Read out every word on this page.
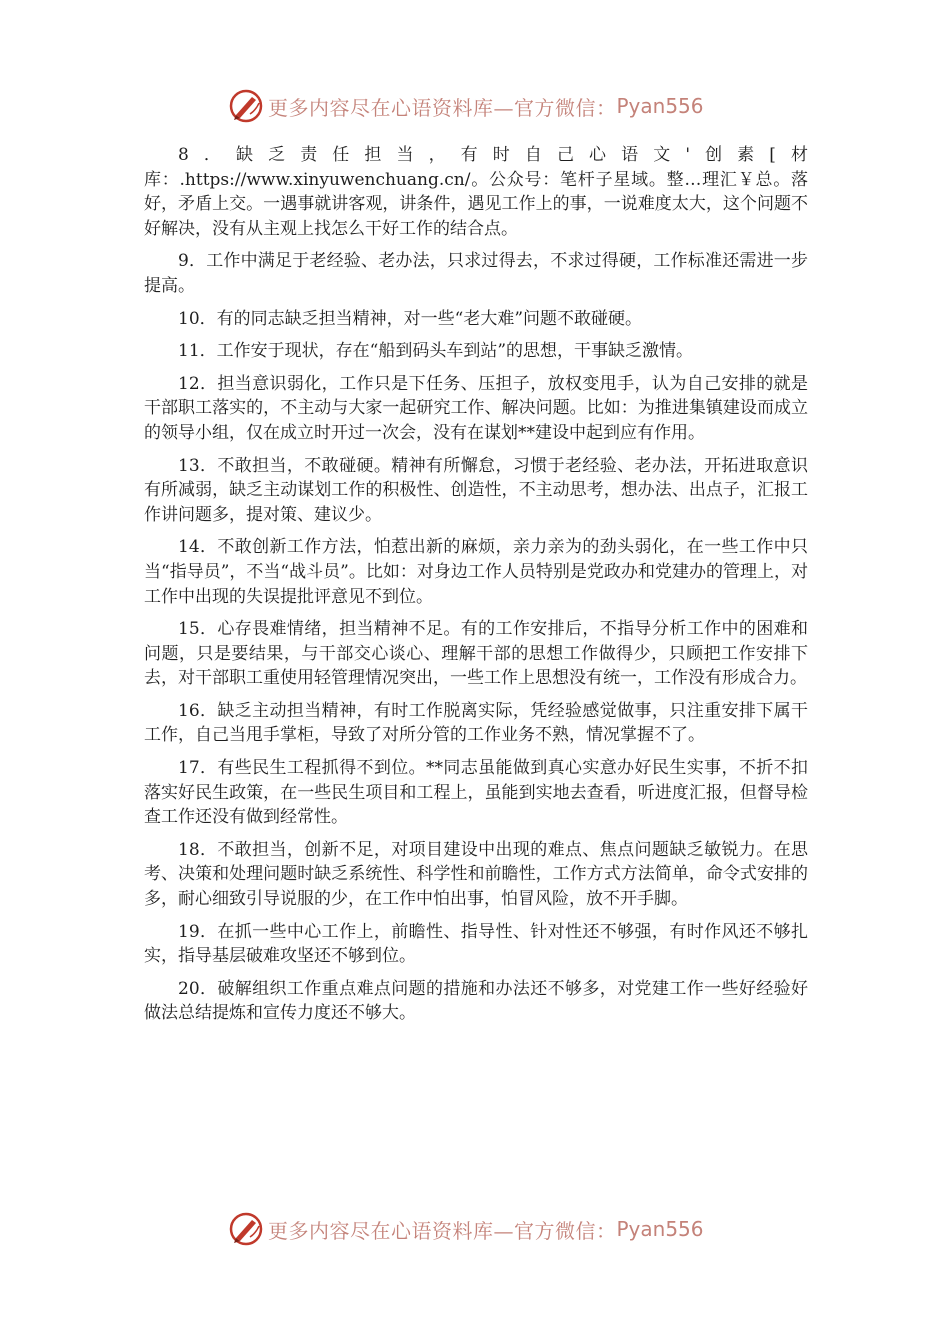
更多内容尽在心语资料库—官方微信： Pyan556

8．缺乏责任担当，有时自己心语文'创素[材库：.https://www.xinyuwenchuang.cn/。公众号：笔杆子星域。整…理汇￥总。落好，矛盾上交。一遇事就讲客观，讲条件，遇见工作上的事，一说难度太大，这个问题不好解决，没有从主观上找怎么干好工作的结合点。

9．工作中满足于老经验、老办法，只求过得去，不求过得硬，工作标准还需进一步提高。

10．有的同志缺乏担当精神，对一些“老大难”问题不敢碰硬。

11．工作安于现状，存在“船到码头车到站”的思想，干事缺乏激情。

12．担当意识弱化，工作只是下任务、压担子，放权变甩手，认为自己安排的就是干部职工落实的，不主动与大家一起研究工作、解决问题。比如：为推进集镇建设而成立的领导小组，仅在成立时开过一次会，没有在谋划**建设中起到应有作用。

13．不敢担当，不敢碰硬。精神有所懈怠，习惯于老经验、老办法，开拓进取意识有所减弱，缺乏主动谋划工作的积极性、创造性，不主动思考，想办法、出点子，汇报工作讲问题多，提对策、建议少。

14．不敢创新工作方法，怕惹出新的麻烦，亲力亲为的劲头弱化，在一些工作中只当“指导员”，不当“战斗员”。比如：对身边工作人员特别是党政办和党建办的管理上，对工作中出现的失误提批评意见不到位。

15．心存畏难情绪，担当精神不足。有的工作安排后，不指导分析工作中的困难和问题，只是要结果，与干部交心谈心、理解干部的思想工作做得少，只顾把工作安排下去，对干部职工重使用轻管理情况突出，一些工作上思想没有统一，工作没有形成合力。

16．缺乏主动担当精神，有时工作脱离实际，凭经验感觉做事，只注重安排下属干工作，自己当甩手掌柜，导致了对所分管的工作业务不熟，情况掌握不了。

17．有些民生工程抓得不到位。**同志虽能做到真心实意办好民生实事，不折不扣落实好民生政策，在一些民生项目和工程上，虽能到实地去查看，听进度汇报，但督导检查工作还没有做到经常性。

18．不敢担当，创新不足，对项目建设中出现的难点、焦点问题缺乏敏锐力。在思考、决策和处理问题时缺乏系统性、科学性和前瞻性，工作方式方法简单，命令式安排的多，耐心细致引导说服的少，在工作中怕出事，怕冒风险，放不开手脚。

19．在抓一些中心工作上，前瞻性、指导性、针对性还不够强，有时作风还不够扎实，指导基层破难攻坚还不够到位。

20．破解组织工作重点难点问题的措施和办法还不够多，对党建工作一些好经验好做法总结提炼和宣传力度还不够大。

更多内容尽在心语资料库—官方微信： Pyan556
